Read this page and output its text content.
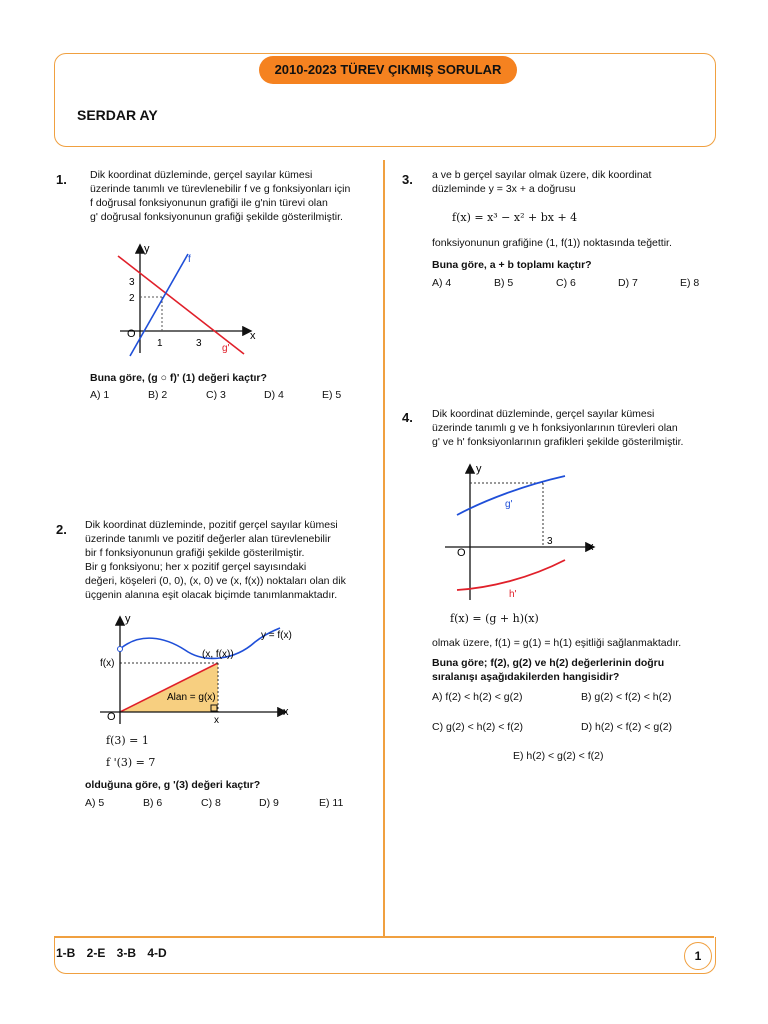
2010-2023 TÜREV ÇIKMIŞ SORULAR
SERDAR AY
1. Dik koordinat düzleminde, gerçel sayılar kümesi
üzerinde tanımlı ve türevlenebilir f ve g fonksiyonları için
f doğrusal fonksiyonunun grafiği ile g'nin türevi olan
g' doğrusal fonksiyonunun grafiği şekilde gösterilmiştir.
y
x
O
1	3
2
3
f
g'
Buna göre, (g ○ f)' (1) değeri kaçtır?
A) 1	B) 2	C) 3	D) 4	E) 5
2. Dik koordinat düzleminde, pozitif gerçel sayılar kümesi
üzerinde tanımlı ve pozitif değerler alan türevlenebilir
bir f fonksiyonunun grafiği şekilde gösterilmiştir.
Bir g fonksiyonu; her x pozitif gerçel sayısındaki
değeri, köşeleri (0, 0), (x, 0) ve (x, f(x)) noktaları olan dik
üçgenin alanına eşit olacak biçimde tanımlanmaktadır.
y
x
O
f(x)
(x, f(x))
y = f(x)
Alan = g(x)
x
f(3) = 1
f '(3) = 7
olduğuna göre, g '(3) değeri kaçtır?
A) 5	B) 6	C) 8	D) 9	E) 11
3. a ve b gerçel sayılar olmak üzere, dik koordinat
düzleminde y = 3x + a doğrusu
f(x) = x³ − x² + bx + 4
fonksiyonunun grafiğine (1, f(1)) noktasında teğettir.
Buna göre, a + b toplamı kaçtır?
A) 4	B) 5	C) 6	D) 7	E) 8
4. Dik koordinat düzleminde, gerçel sayılar kümesi
üzerinde tanımlı g ve h fonksiyonlarının türevleri olan
g' ve h' fonksiyonlarının grafikleri şekilde gösterilmiştir.
y
x
O
3
g'
h'
f(x) = (g + h)(x)
olmak üzere, f(1) = g(1) = h(1) eşitliği sağlanmaktadır.
Buna göre; f(2), g(2) ve h(2) değerlerinin doğru
sıralanışı aşağıdakilerden hangisidir?
A) f(2) < h(2) < g(2)	B) g(2) < f(2) < h(2)
C) g(2) < h(2) < f(2)	D) h(2) < f(2) < g(2)
E) h(2) < g(2) < f(2)
1-B 2-E 3-B 4-D	1
